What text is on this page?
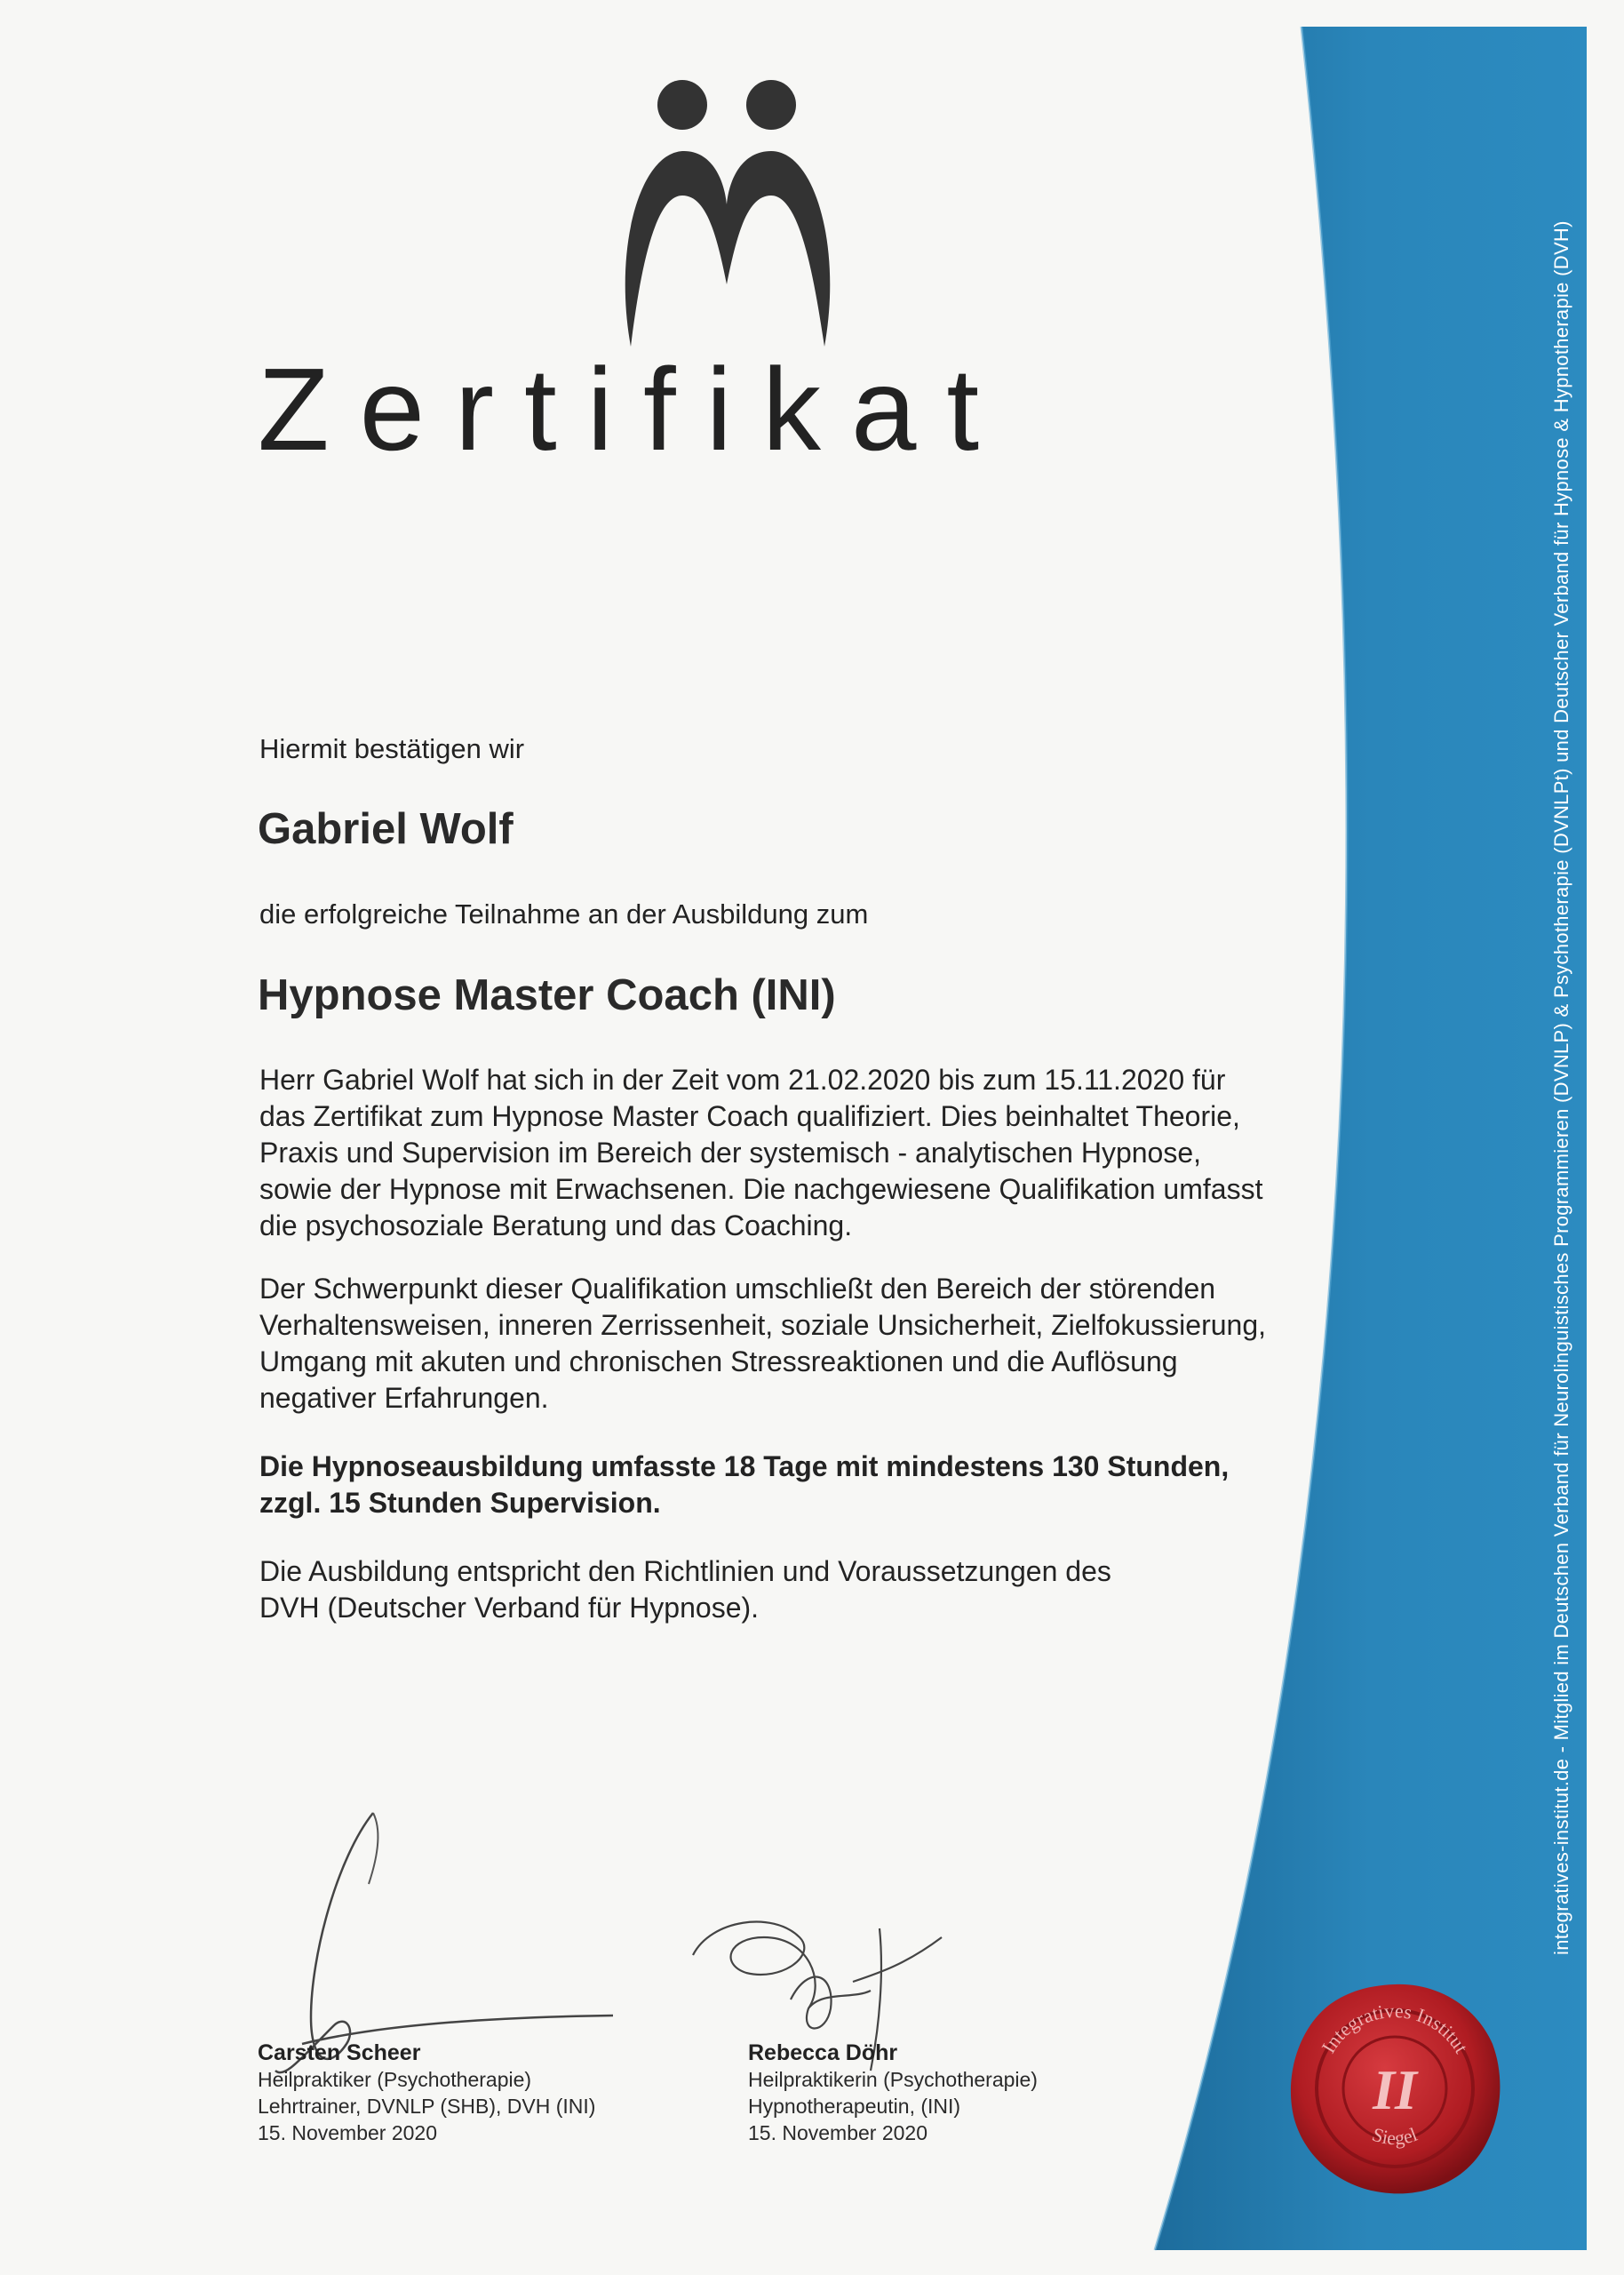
integratives-institut.de - Mitglied im Deutschen Verband für Neurolinguistisches Programmieren (DVNLP) & Psychotherapie (DVNLPt) und Deutscher Verband für Hypnose & Hypnotherapie (DVH)
Zertifikat
Hiermit bestätigen wir
Gabriel Wolf
die erfolgreiche Teilnahme an der Ausbildung zum
Hypnose Master Coach (INI)
Herr Gabriel Wolf hat sich in der Zeit vom 21.02.2020 bis zum 15.11.2020 für
das Zertifikat zum Hypnose Master Coach qualifiziert. Dies beinhaltet Theorie,
Praxis und Supervision im Bereich der systemisch - analytischen Hypnose,
sowie der Hypnose mit Erwachsenen. Die nachgewiesene Qualifikation umfasst
die psychosoziale Beratung und das Coaching.
Der Schwerpunkt dieser Qualifikation umschließt den Bereich der störenden
Verhaltensweisen, inneren Zerrissenheit, soziale Unsicherheit, Zielfokussierung,
Umgang mit akuten und chronischen Stressreaktionen und die Auflösung
negativer Erfahrungen.
Die Hypnoseausbildung umfasste 18 Tage mit mindestens 130 Stunden,
zzgl. 15 Stunden Supervision.
Die Ausbildung entspricht den Richtlinien und Voraussetzungen des
DVH (Deutscher Verband für Hypnose).
Carsten Scheer
Heilpraktiker (Psychotherapie)
Lehrtrainer, DVNLP (SHB), DVH (INI)
15. November 2020
Rebecca Döhr
Heilpraktikerin (Psychotherapie)
Hypnotherapeutin, (INI)
15. November 2020
Integratives Institut
Siegel
II
